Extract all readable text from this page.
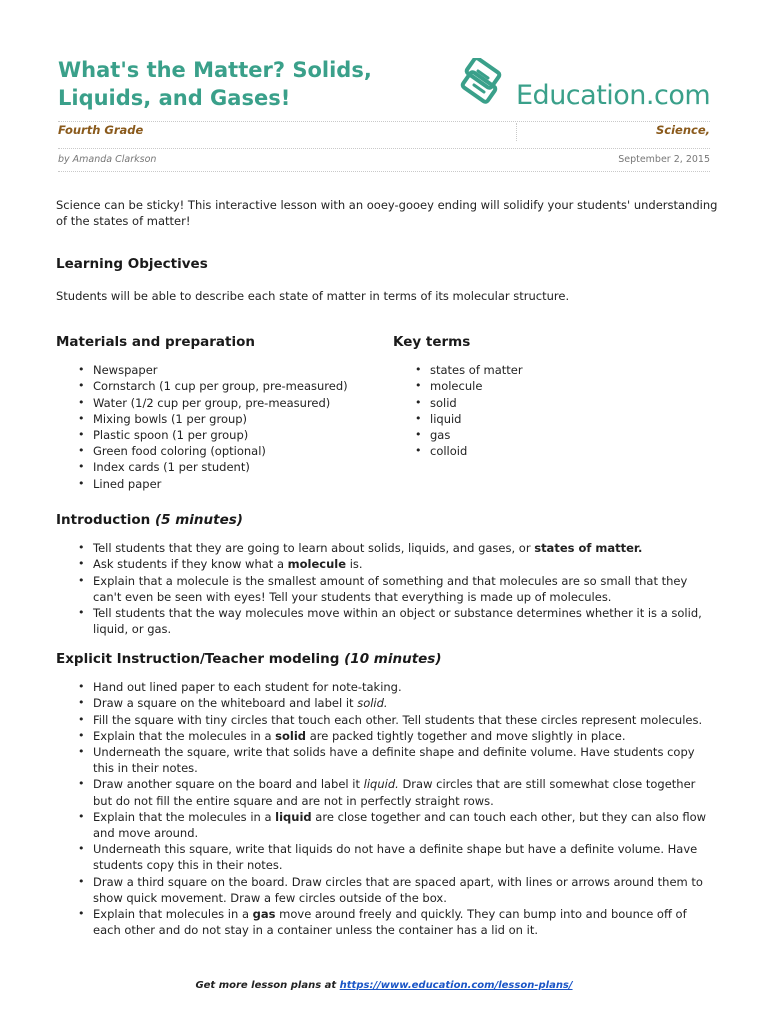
What's the Matter? Solids, Liquids, and Gases!	Education.com
Fourth Grade	Science,
by Amanda Clarkson	September 2, 2015

Science can be sticky! This interactive lesson with an ooey-gooey ending will solidify your students' understanding of the states of matter!

Learning Objectives

Students will be able to describe each state of matter in terms of its molecular structure.

Materials and preparation
• Newspaper
• Cornstarch (1 cup per group, pre-measured)
• Water (1/2 cup per group, pre-measured)
• Mixing bowls (1 per group)
• Plastic spoon (1 per group)
• Green food coloring (optional)
• Index cards (1 per student)
• Lined paper
Key terms
• states of matter
• molecule
• solid
• liquid
• gas
• colloid
Introduction (5 minutes)
• Tell students that they are going to learn about solids, liquids, and gases, or states of matter.
• Ask students if they know what a molecule is.
• Explain that a molecule is the smallest amount of something and that molecules are so small that they can't even be seen with eyes! Tell your students that everything is made up of molecules.
• Tell students that the way molecules move within an object or substance determines whether it is a solid, liquid, or gas.
Explicit Instruction/Teacher modeling (10 minutes)
• Hand out lined paper to each student for note-taking.
• Draw a square on the whiteboard and label it solid.
• Fill the square with tiny circles that touch each other. Tell students that these circles represent molecules.
• Explain that the molecules in a solid are packed tightly together and move slightly in place.
• Underneath the square, write that solids have a definite shape and definite volume. Have students copy this in their notes.
• Draw another square on the board and label it liquid. Draw circles that are still somewhat close together but do not fill the entire square and are not in perfectly straight rows.
• Explain that the molecules in a liquid are close together and can touch each other, but they can also flow and move around.
• Underneath this square, write that liquids do not have a definite shape but have a definite volume. Have students copy this in their notes.
• Draw a third square on the board. Draw circles that are spaced apart, with lines or arrows around them to show quick movement. Draw a few circles outside of the box.
• Explain that molecules in a gas move around freely and quickly. They can bump into and bounce off of each other and do not stay in a container unless the container has a lid on it.
Get more lesson plans at https://www.education.com/lesson-plans/
